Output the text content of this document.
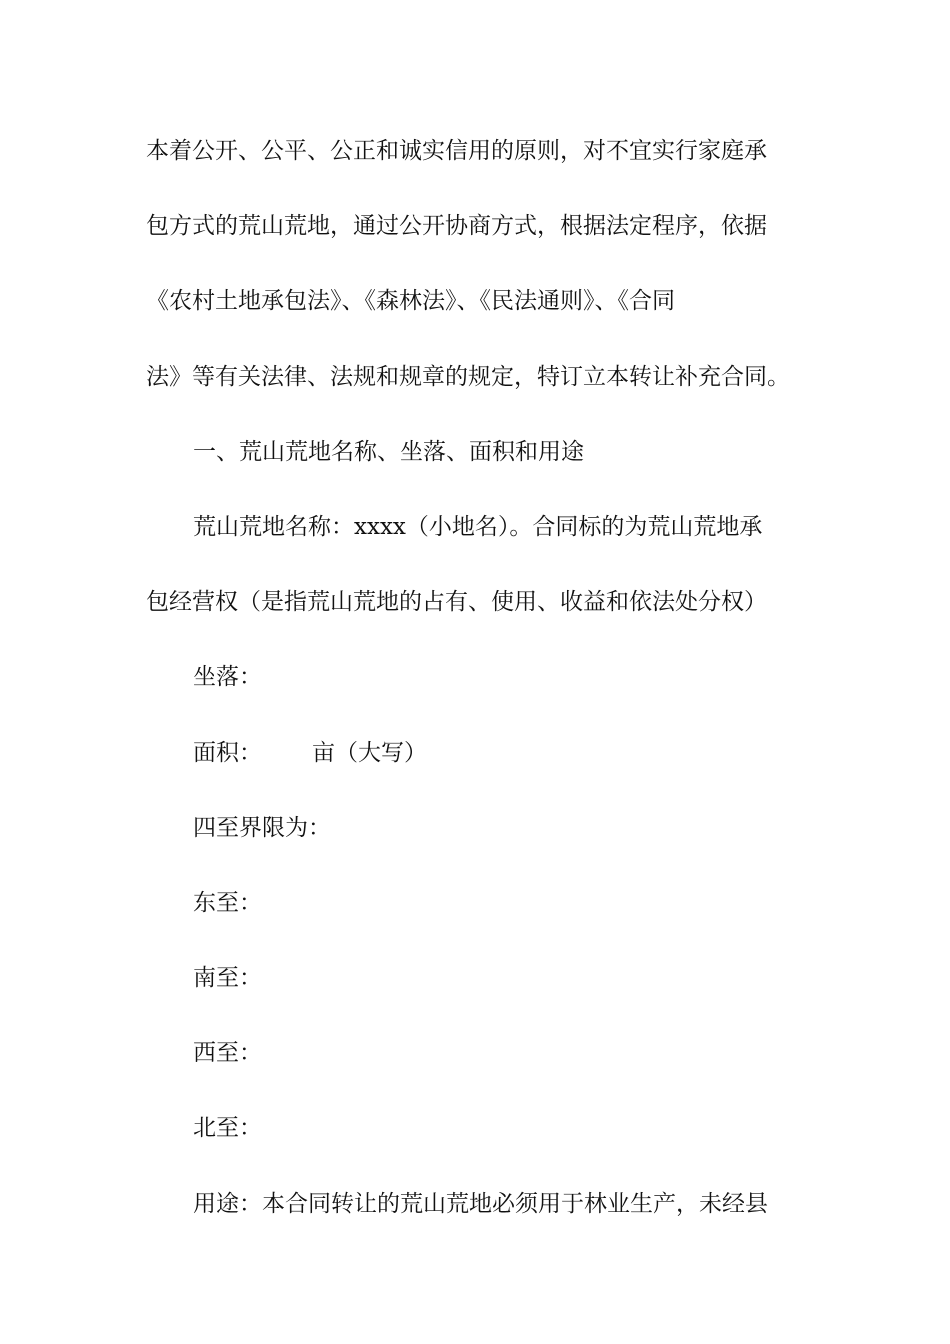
本着公开、公平、公正和诚实信用的原则，对不宜实行家庭承

包方式的荒山荒地，通过公开协商方式，根据法定程序，依据

《农村土地承包法》、《森林法》、《民法通则》、《合同

法》等有关法律、法规和规章的规定，特订立本转让补充合同。

一、荒山荒地名称、坐落、面积和用途

荒山荒地名称：xxxx（小地名）。合同标的为荒山荒地承

包经营权（是指荒山荒地的占有、使用、收益和依法处分权）

坐落：

面积： 亩（大写）

四至界限为：

东至：

南至：

西至：

北至：

用途：本合同转让的荒山荒地必须用于林业生产，未经县
